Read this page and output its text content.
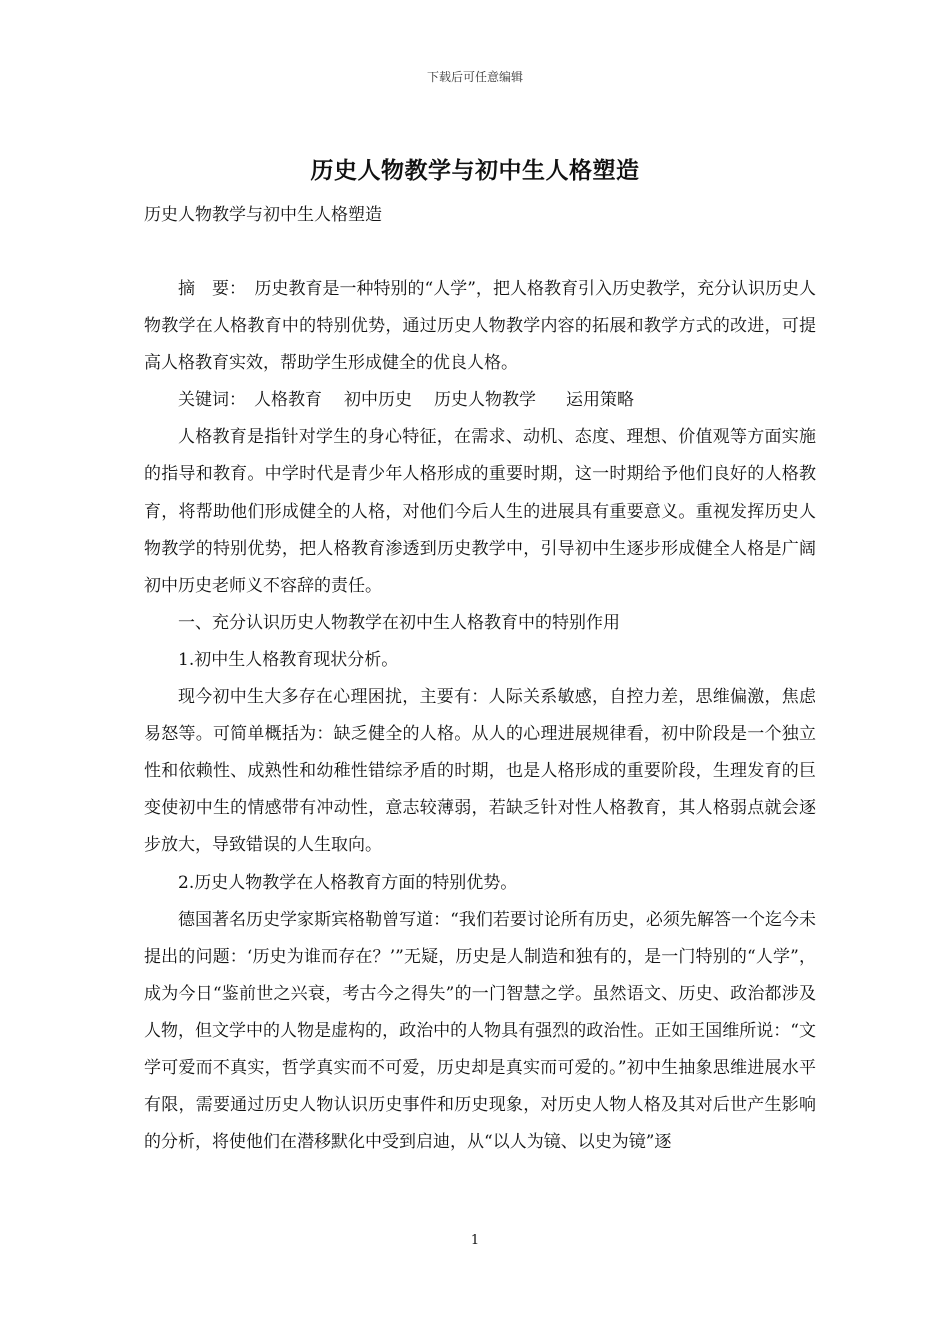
下载后可任意编辑
历史人物教学与初中生人格塑造
历史人物教学与初中生人格塑造

摘　要：　历史教育是一种特别的“人学”，把人格教育引入历史教学，充分认识历史人物教学在人格教育中的特别优势，通过历史人物教学内容的拓展和教学方式的改进，可提高人格教育实效，帮助学生形成健全的优良人格。

关键词： 人格教育 初中历史 历史人物教学 运用策略

人格教育是指针对学生的身心特征，在需求、动机、态度、理想、价值观等方面实施的指导和教育。中学时代是青少年人格形成的重要时期，这一时期给予他们良好的人格教育，将帮助他们形成健全的人格，对他们今后人生的进展具有重要意义。重视发挥历史人物教学的特别优势，把人格教育渗透到历史教学中，引导初中生逐步形成健全人格是广阔初中历史老师义不容辞的责任。

一、充分认识历史人物教学在初中生人格教育中的特别作用

1.初中生人格教育现状分析。

现今初中生大多存在心理困扰，主要有：人际关系敏感，自控力差，思维偏激，焦虑易怒等。可简单概括为：缺乏健全的人格。从人的心理进展规律看，初中阶段是一个独立性和依赖性、成熟性和幼稚性错综矛盾的时期，也是人格形成的重要阶段，生理发育的巨变使初中生的情感带有冲动性，意志较薄弱，若缺乏针对性人格教育，其人格弱点就会逐步放大，导致错误的人生取向。

2.历史人物教学在人格教育方面的特别优势。

德国著名历史学家斯宾格勒曾写道：“我们若要讨论所有历史，必须先解答一个迄今未提出的问题：‘历史为谁而存在？’”无疑，历史是人制造和独有的，是一门特别的“人学”，成为今日“鉴前世之兴衰，考古今之得失”的一门智慧之学。虽然语文、历史、政治都涉及人物，但文学中的人物是虚构的，政治中的人物具有强烈的政治性。正如王国维所说：“文学可爱而不真实，哲学真实而不可爱，历史却是真实而可爱的。”初中生抽象思维进展水平有限，需要通过历史人物认识历史事件和历史现象，对历史人物人格及其对后世产生影响的分析，将使他们在潜移默化中受到启迪，从“以人为镜、以史为镜”逐

1
